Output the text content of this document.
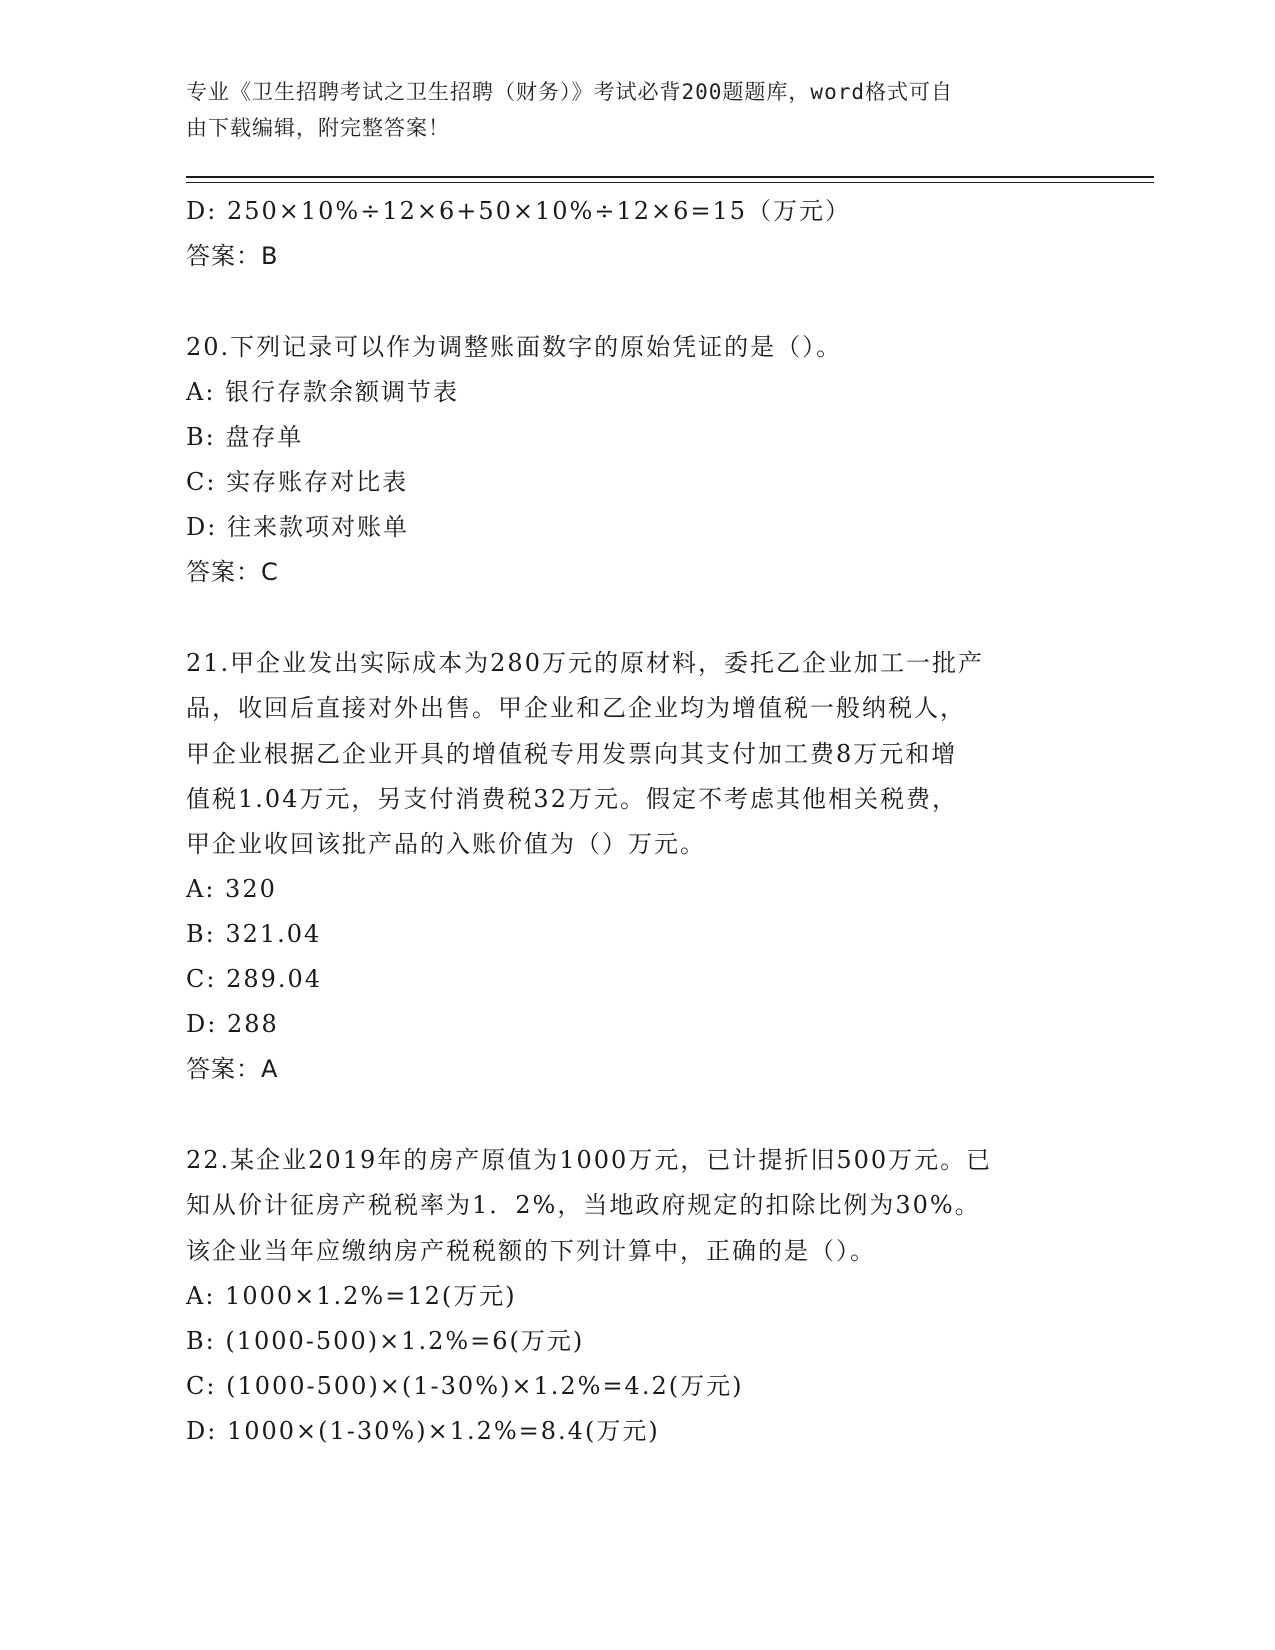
专业《卫生招聘考试之卫生招聘（财务）》考试必背200题题库，word格式可自
由下载编辑，附完整答案！
D: 250×10%÷12×6+50×10%÷12×6=15（万元）
答案：B
20.下列记录可以作为调整账面数字的原始凭证的是（）。
A: 银行存款余额调节表
B: 盘存单
C: 实存账存对比表
D: 往来款项对账单
答案：C
21.甲企业发出实际成本为280万元的原材料，委托乙企业加工一批产
品，收回后直接对外出售。甲企业和乙企业均为增值税一般纳税人，
甲企业根据乙企业开具的增值税专用发票向其支付加工费8万元和增
值税1.04万元，另支付消费税32万元。假定不考虑其他相关税费，
甲企业收回该批产品的入账价值为（）万元。
A: 320
B: 321.04
C: 289.04
D: 288
答案：A
22.某企业2019年的房产原值为1000万元，已计提折旧500万元。已
知从价计征房产税税率为1．2%，当地政府规定的扣除比例为30%。
该企业当年应缴纳房产税税额的下列计算中，正确的是（）。
A: 1000×1.2%=12(万元)
B: (1000-500)×1.2%=6(万元)
C: (1000-500)×(1-30%)×1.2%=4.2(万元)
D: 1000×(1-30%)×1.2%=8.4(万元)
